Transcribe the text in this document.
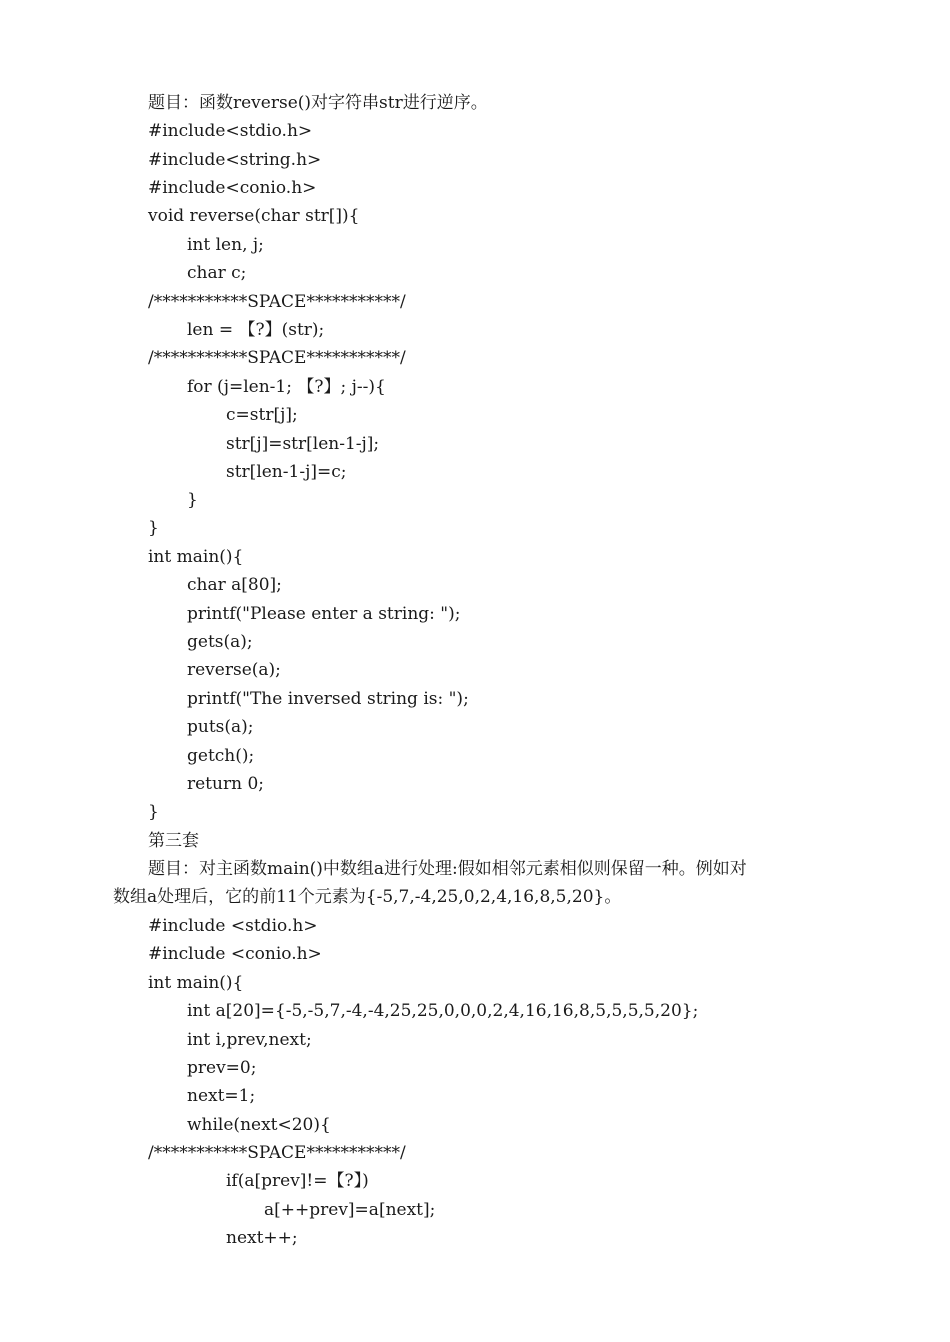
题目：函数reverse()对字符串str进行逆序。
#include<stdio.h>
#include<string.h>
#include<conio.h>
void reverse(char str[]){
int len, j;
char c;
/***********SPACE***********/
len = 【?】(str);
/***********SPACE***********/
for (j=len-1; 【?】; j--){
c=str[j];
str[j]=str[len-1-j];
str[len-1-j]=c;
}
}
int main(){
char a[80];
printf("Please enter a string: ");
gets(a);
reverse(a);
printf("The inversed string is: ");
puts(a);
getch();
return 0;
}
第三套
题目：对主函数main()中数组a进行处理:假如相邻元素相似则保留一种。例如对
数组a处理后，它的前11个元素为{-5,7,-4,25,0,2,4,16,8,5,20}。
#include <stdio.h>
#include <conio.h>
int main(){
int a[20]={-5,-5,7,-4,-4,25,25,0,0,0,2,4,16,16,8,5,5,5,5,20};
int i,prev,next;
prev=0;
next=1;
while(next<20){
/***********SPACE***********/
if(a[prev]!=【?】)
a[++prev]=a[next];
next++;
